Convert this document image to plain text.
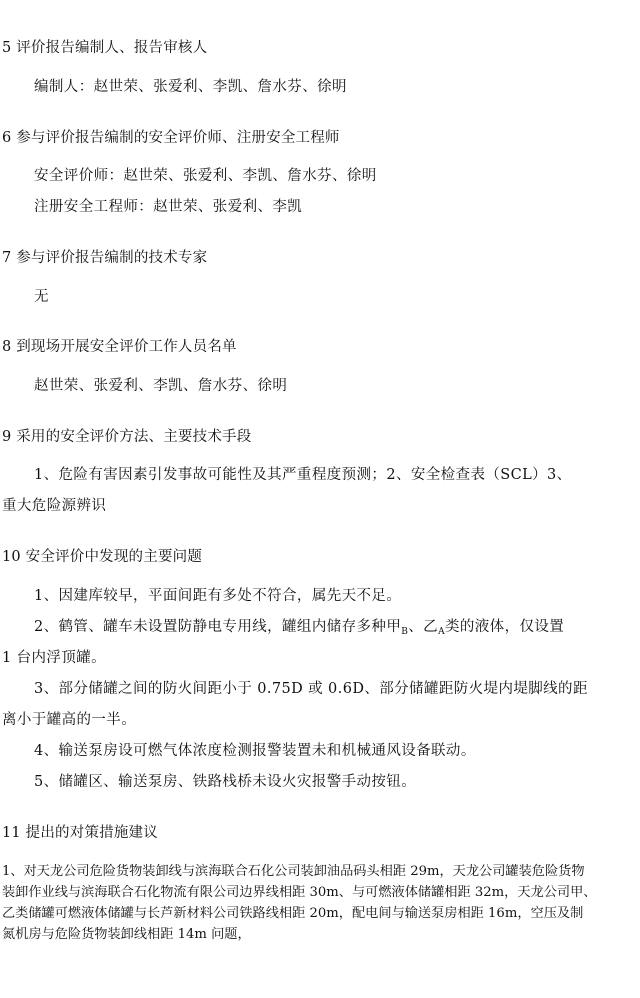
5 评价报告编制人、报告审核人
编制人：赵世荣、张爱利、李凯、詹水芬、徐明
6 参与评价报告编制的安全评价师、注册安全工程师
安全评价师：赵世荣、张爱利、李凯、詹水芬、徐明
注册安全工程师：赵世荣、张爱利、李凯
7 参与评价报告编制的技术专家
无
8 到现场开展安全评价工作人员名单
赵世荣、张爱利、李凯、詹水芬、徐明
9 采用的安全评价方法、主要技术手段
1、危险有害因素引发事故可能性及其严重程度预测；2、安全检查表（SCL）3、
重大危险源辨识
10 安全评价中发现的主要问题
1、因建库较早，平面间距有多处不符合，属先天不足。
2、鹤管、罐车未设置防静电专用线，罐组内储存多种甲$_B$、乙$_A$类的液体，仅设置
1 台内浮顶罐。
3、部分储罐之间的防火间距小于 0.75D 或 0.6D、部分储罐距防火堤内堤脚线的距
离小于罐高的一半。
4、输送泵房设可燃气体浓度检测报警装置未和机械通风设备联动。
5、储罐区、输送泵房、铁路栈桥未设火灾报警手动按钮。
11 提出的对策措施建议
1、对天龙公司危险货物装卸线与滨海联合石化公司装卸油品码头相距 29m，天龙公司罐装危险货物
装卸作业线与滨海联合石化物流有限公司边界线相距 30m、与可燃液体储罐相距 32m，天龙公司甲、
乙类储罐可燃液体储罐与长芦新材料公司铁路线相距 20m，配电间与输送泵房相距 16m，空压及制
氮机房与危险货物装卸线相距 14m 问题，
